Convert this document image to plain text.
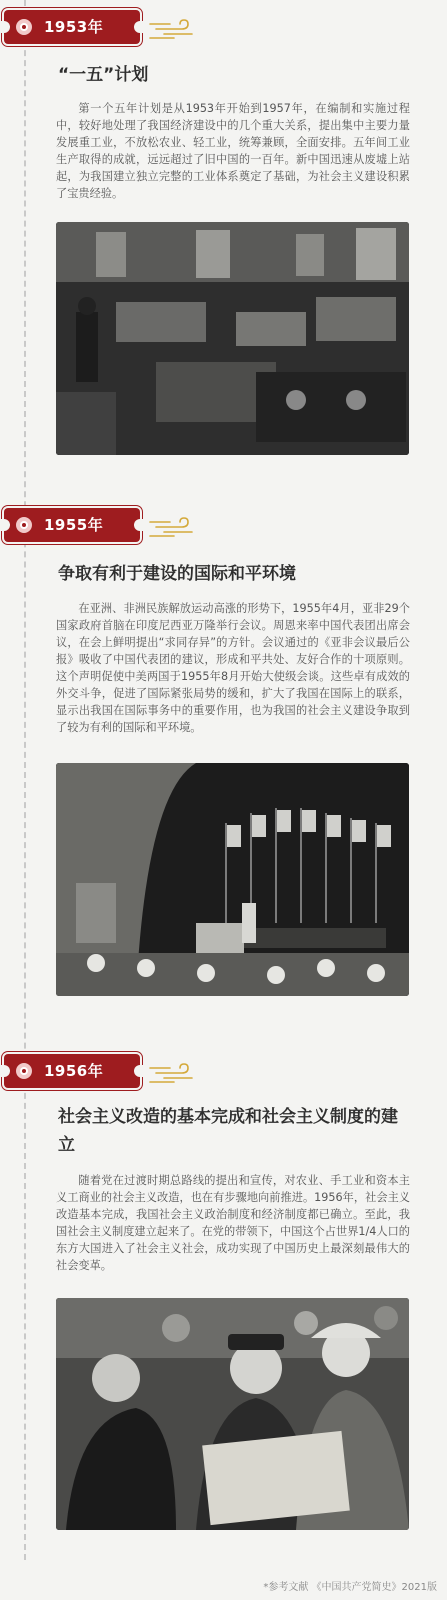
1953年
“一五”计划

第一个五年计划是从1953年开始到1957年，在编制和实施过程中，较好地处理了我国经济建设中的几个重大关系，提出集中主要力量发展重工业，不放松农业、轻工业，统筹兼顾，全面安排。五年间工业生产取得的成就，远远超过了旧中国的一百年。新中国迅速从废墟上站起，为我国建立独立完整的工业体系奠定了基础，为社会主义建设积累了宝贵经验。

1955年
争取有利于建设的国际和平环境

在亚洲、非洲民族解放运动高涨的形势下，1955年4月，亚非29个国家政府首脑在印度尼西亚万隆举行会议。周恩来率中国代表团出席会议，在会上鲜明提出“求同存异”的方针。会议通过的《亚非会议最后公报》吸收了中国代表团的建议，形成和平共处、友好合作的十项原则。这个声明促使中美两国于1955年8月开始大使级会谈。这些卓有成效的外交斗争，促进了国际紧张局势的缓和，扩大了我国在国际上的联系，显示出我国在国际事务中的重要作用，也为我国的社会主义建设争取到了较为有利的国际和平环境。

1956年
社会主义改造的基本完成和社会主义制度的建立

随着党在过渡时期总路线的提出和宣传，对农业、手工业和资本主义工商业的社会主义改造，也在有步骤地向前推进。1956年，社会主义改造基本完成，我国社会主义政治制度和经济制度都已确立。至此，我国社会主义制度建立起来了。在党的带领下，中国这个占世界1/4人口的东方大国进入了社会主义社会，成功实现了中国历史上最深刻最伟大的社会变革。

*参考文献 《中国共产党简史》2021版
